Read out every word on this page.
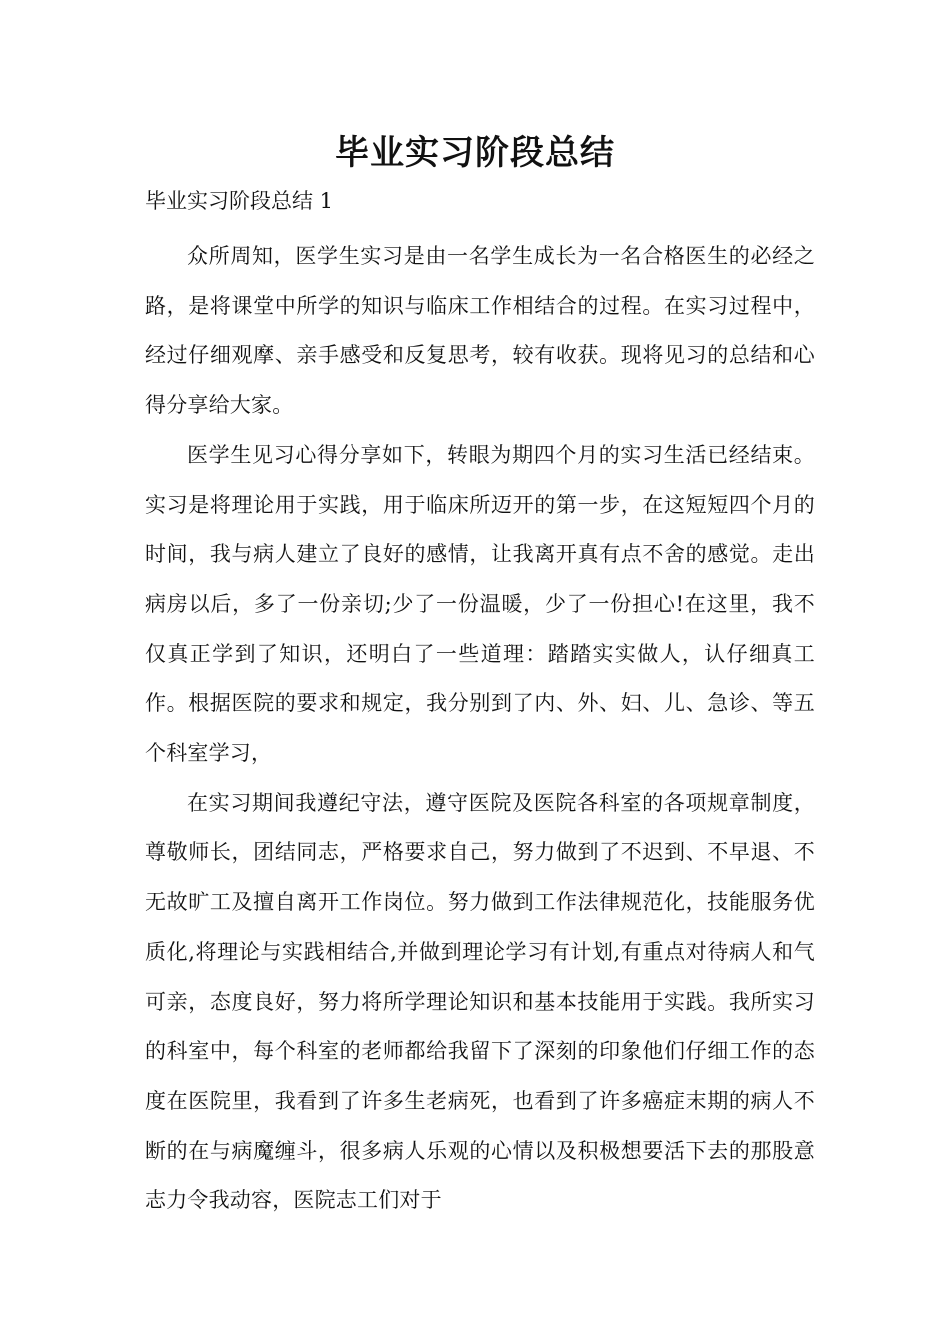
毕业实习阶段总结

毕业实习阶段总结 1

众所周知，医学生实习是由一名学生成长为一名合格医生的必经之路，是将课堂中所学的知识与临床工作相结合的过程。在实习过程中，经过仔细观摩、亲手感受和反复思考，较有收获。现将见习的总结和心得分享给大家。

医学生见习心得分享如下，转眼为期四个月的实习生活已经结束。实习是将理论用于实践，用于临床所迈开的第一步，在这短短四个月的时间，我与病人建立了良好的感情，让我离开真有点不舍的感觉。走出病房以后，多了一份亲切;少了一份温暖，少了一份担心!在这里，我不仅真正学到了知识，还明白了一些道理：踏踏实实做人，认仔细真工作。根据医院的要求和规定，我分别到了内、外、妇、儿、急诊、等五个科室学习，

在实习期间我遵纪守法，遵守医院及医院各科室的各项规章制度，尊敬师长，团结同志，严格要求自己，努力做到了不迟到、不早退、不无故旷工及擅自离开工作岗位。努力做到工作法律规范化，技能服务优质化,将理论与实践相结合,并做到理论学习有计划,有重点对待病人和气可亲，态度良好，努力将所学理论知识和基本技能用于实践。我所实习的科室中，每个科室的老师都给我留下了深刻的印象他们仔细工作的态度在医院里，我看到了许多生老病死，也看到了许多癌症末期的病人不断的在与病魔缠斗，很多病人乐观的心情以及积极想要活下去的那股意志力令我动容，医院志工们对于
